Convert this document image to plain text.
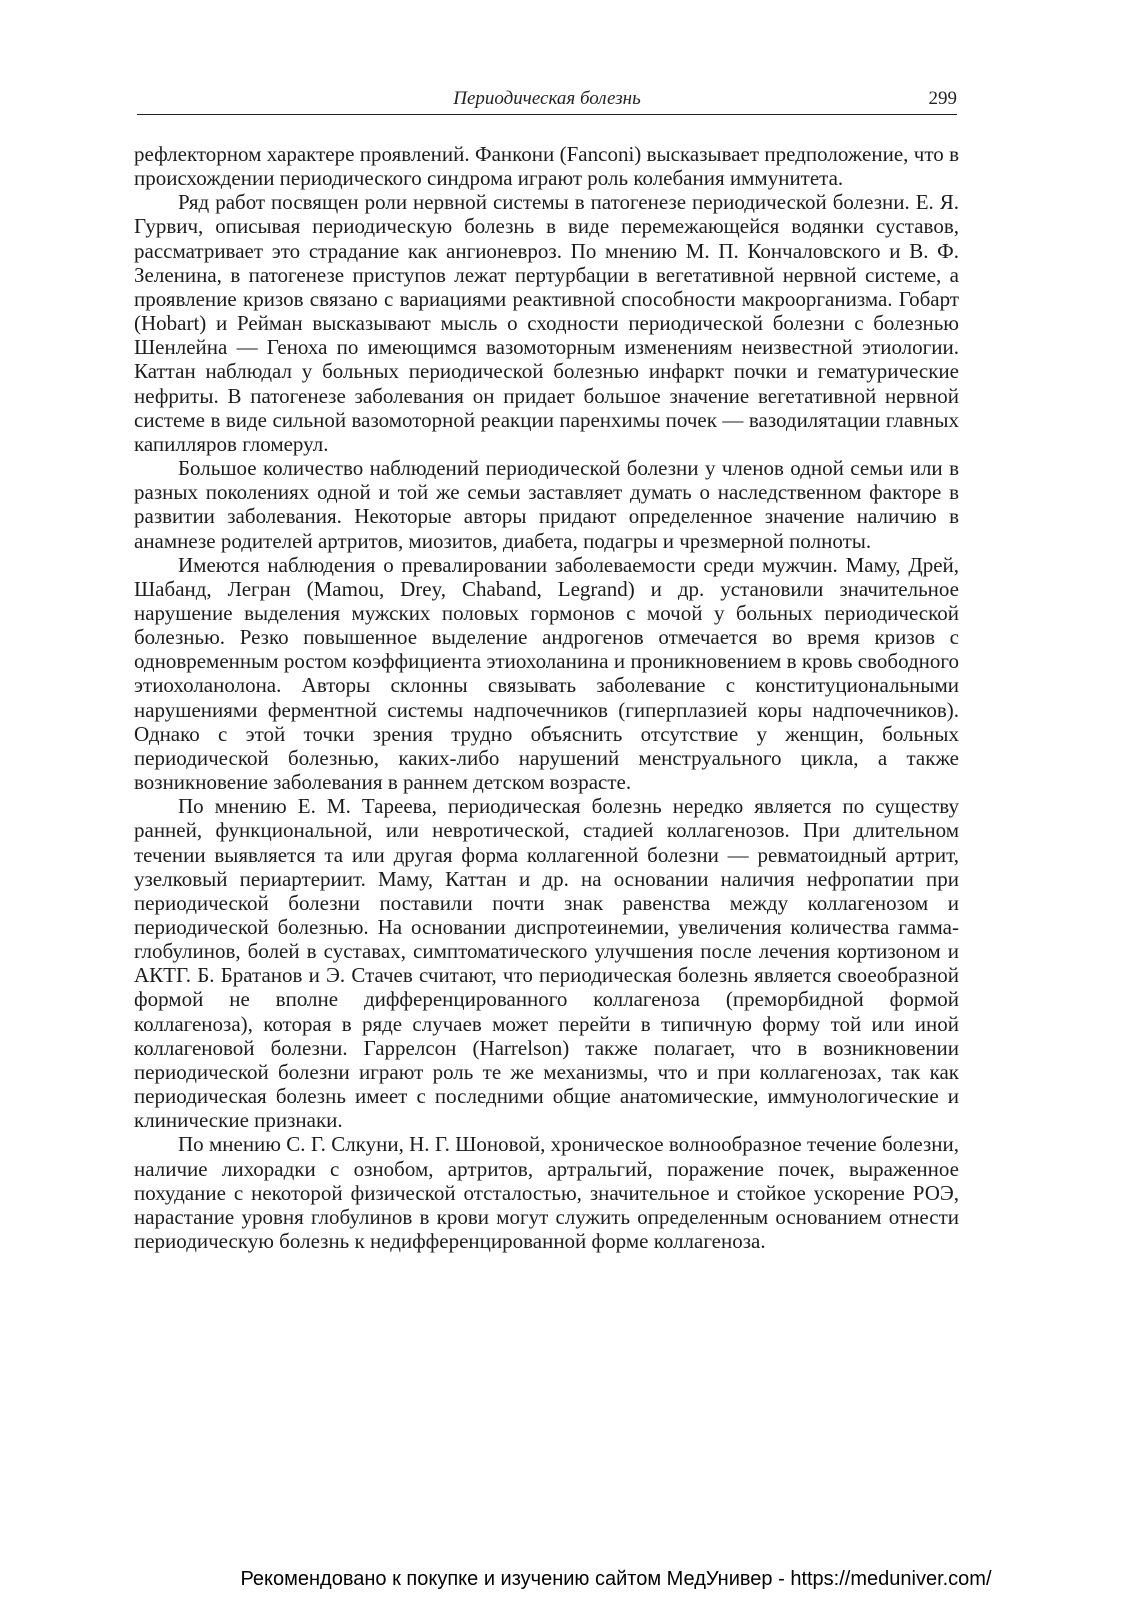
Периодическая болезнь	299

рефлекторном характере проявлений. Фанкони (Fanconi) высказывает предположение, что в происхождении периодического синдрома играют роль колебания иммунитета.

Ряд работ посвящен роли нервной системы в патогенезе периодической болезни. Е. Я. Гурвич, описывая периодическую болезнь в виде перемежающейся водянки суставов, рассматривает это страдание как ангионевроз. По мнению М. П. Кончаловского и В. Ф. Зеленина, в патогенезе приступов лежат пертурбации в вегетативной нервной системе, а проявление кризов связано с вариациями реактивной способности макроорганизма. Гобарт (Hobart) и Рейман высказывают мысль о сходности периодической болезни с болезнью Шенлейна — Геноха по имеющимся вазомоторным изменениям неизвестной этиологии. Каттан наблюдал у больных периодической болезнью инфаркт почки и гематурические нефриты. В патогенезе заболевания он придает большое значение вегетативной нервной системе в виде сильной вазомоторной реакции паренхимы почек — вазодилятации главных капилляров гломерул.

Большое количество наблюдений периодической болезни у членов одной семьи или в разных поколениях одной и той же семьи заставляет думать о наследственном факторе в развитии заболевания. Некоторые авторы придают определенное значение наличию в анамнезе родителей артритов, миозитов, диабета, подагры и чрезмерной полноты.

Имеются наблюдения о превалировании заболеваемости среди мужчин. Маму, Дрей, Шабанд, Легран (Mamou, Drey, Chaband, Legrand) и др. установили значительное нарушение выделения мужских половых гормонов с мочой у больных периодической болезнью. Резко повышенное выделение андрогенов отмечается во время кризов с одновременным ростом коэффициента этиохоланина и проникновением в кровь свободного этиохоланолона. Авторы склонны связывать заболевание с конституциональными нарушениями ферментной системы надпочечников (гиперплазией коры надпочечников). Однако с этой точки зрения трудно объяснить отсутствие у женщин, больных периодической болезнью, каких-либо нарушений менструального цикла, а также возникновение заболевания в раннем детском возрасте.

По мнению Е. М. Тареева, периодическая болезнь нередко является по существу ранней, функциональной, или невротической, стадией коллагенозов. При длительном течении выявляется та или другая форма коллагенной болезни — ревматоидный артрит, узелковый периартериит. Маму, Каттан и др. на основании наличия нефропатии при периодической болезни поставили почти знак равенства между коллагенозом и периодической болезнью. На основании диспротеинемии, увеличения количества гамма-глобулинов, болей в суставах, симптоматического улучшения после лечения кортизоном и АКТГ. Б. Братанов и Э. Стачев считают, что периодическая болезнь является своеобразной формой не вполне дифференцированного коллагеноза (преморбидной формой коллагеноза), которая в ряде случаев может перейти в типичную форму той или иной коллагеновой болезни. Гаррелсон (Harrelson) также полагает, что в возникновении периодической болезни играют роль те же механизмы, что и при коллагенозах, так как периодическая болезнь имеет с последними общие анатомические, иммунологические и клинические признаки.

По мнению С. Г. Слкуни, Н. Г. Шоновой, хроническое волнообразное течение болезни, наличие лихорадки с ознобом, артритов, артральгий, поражение почек, выраженное похудание с некоторой физической отсталостью, значительное и стойкое ускорение РОЭ, нарастание уровня глобулинов в крови могут служить определенным основанием отнести периодическую болезнь к недифференцированной форме коллагеноза.

Рекомендовано к покупке и изучению сайтом МедУнивер - https://meduniver.com/
